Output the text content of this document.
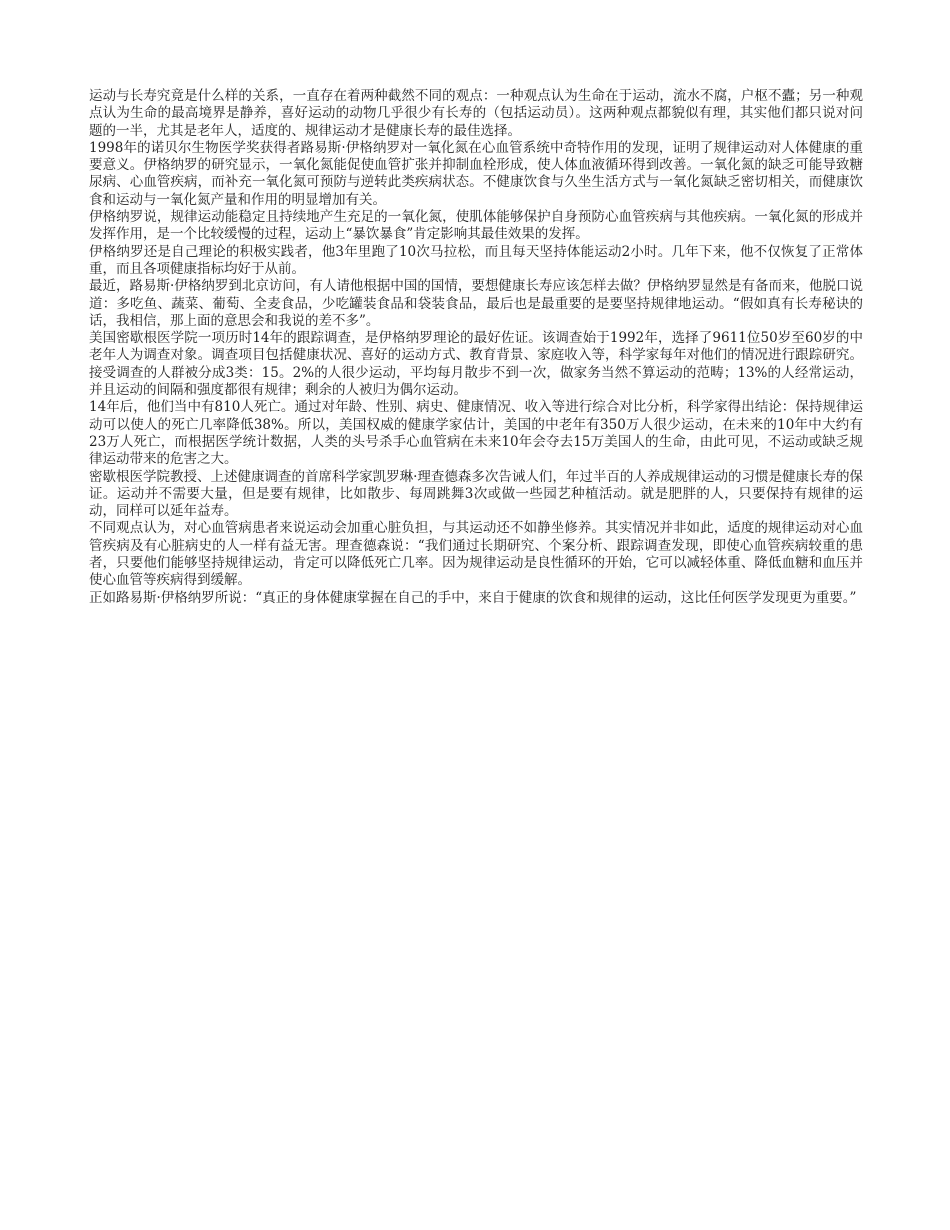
运动与长寿究竟是什么样的关系，一直存在着两种截然不同的观点：一种观点认为生命在于运动，流水不腐，户枢不蠹；另一种观点认为生命的最高境界是静养，喜好运动的动物几乎很少有长寿的（包括运动员）。这两种观点都貌似有理，其实他们都只说对问题的一半，尤其是老年人，适度的、规律运动才是健康长寿的最佳选择。

1998年的诺贝尔生物医学奖获得者路易斯·伊格纳罗对一氧化氮在心血管系统中奇特作用的发现，证明了规律运动对人体健康的重要意义。伊格纳罗的研究显示，一氧化氮能促使血管扩张并抑制血栓形成，使人体血液循环得到改善。一氧化氮的缺乏可能导致糖尿病、心血管疾病，而补充一氧化氮可预防与逆转此类疾病状态。不健康饮食与久坐生活方式与一氧化氮缺乏密切相关，而健康饮食和运动与一氧化氮产量和作用的明显增加有关。

伊格纳罗说，规律运动能稳定且持续地产生充足的一氧化氮，使肌体能够保护自身预防心血管疾病与其他疾病。一氧化氮的形成并发挥作用，是一个比较缓慢的过程，运动上“暴饮暴食”肯定影响其最佳效果的发挥。

伊格纳罗还是自己理论的积极实践者，他3年里跑了10次马拉松，而且每天坚持体能运动2小时。几年下来，他不仅恢复了正常体重，而且各项健康指标均好于从前。

最近，路易斯·伊格纳罗到北京访问，有人请他根据中国的国情，要想健康长寿应该怎样去做？伊格纳罗显然是有备而来，他脱口说道：多吃鱼、蔬菜、葡萄、全麦食品，少吃罐装食品和袋装食品，最后也是最重要的是要坚持规律地运动。“假如真有长寿秘诀的话，我相信，那上面的意思会和我说的差不多”。

美国密歇根医学院一项历时14年的跟踪调查，是伊格纳罗理论的最好佐证。该调查始于1992年，选择了9611位50岁至60岁的中老年人为调查对象。调查项目包括健康状况、喜好的运动方式、教育背景、家庭收入等，科学家每年对他们的情况进行跟踪研究。接受调查的人群被分成3类：15。2%的人很少运动，平均每月散步不到一次，做家务当然不算运动的范畴；13%的人经常运动，并且运动的间隔和强度都很有规律；剩余的人被归为偶尔运动。

14年后，他们当中有810人死亡。通过对年龄、性别、病史、健康情况、收入等进行综合对比分析，科学家得出结论：保持规律运动可以使人的死亡几率降低38%。所以，美国权威的健康学家估计，美国的中老年有350万人很少运动，在未来的10年中大约有23万人死亡，而根据医学统计数据，人类的头号杀手心血管病在未来10年会夺去15万美国人的生命，由此可见，不运动或缺乏规律运动带来的危害之大。

密歇根医学院教授、上述健康调查的首席科学家凯罗琳·理查德森多次告诫人们，年过半百的人养成规律运动的习惯是健康长寿的保证。运动并不需要大量，但是要有规律，比如散步、每周跳舞3次或做一些园艺种植活动。就是肥胖的人，只要保持有规律的运动，同样可以延年益寿。

不同观点认为，对心血管病患者来说运动会加重心脏负担，与其运动还不如静坐修养。其实情况并非如此，适度的规律运动对心血管疾病及有心脏病史的人一样有益无害。理查德森说：“我们通过长期研究、个案分析、跟踪调查发现，即使心血管疾病较重的患者，只要他们能够坚持规律运动，肯定可以降低死亡几率。因为规律运动是良性循环的开始，它可以减轻体重、降低血糖和血压并使心血管等疾病得到缓解。

正如路易斯·伊格纳罗所说：“真正的身体健康掌握在自己的手中，来自于健康的饮食和规律的运动，这比任何医学发现更为重要。”
